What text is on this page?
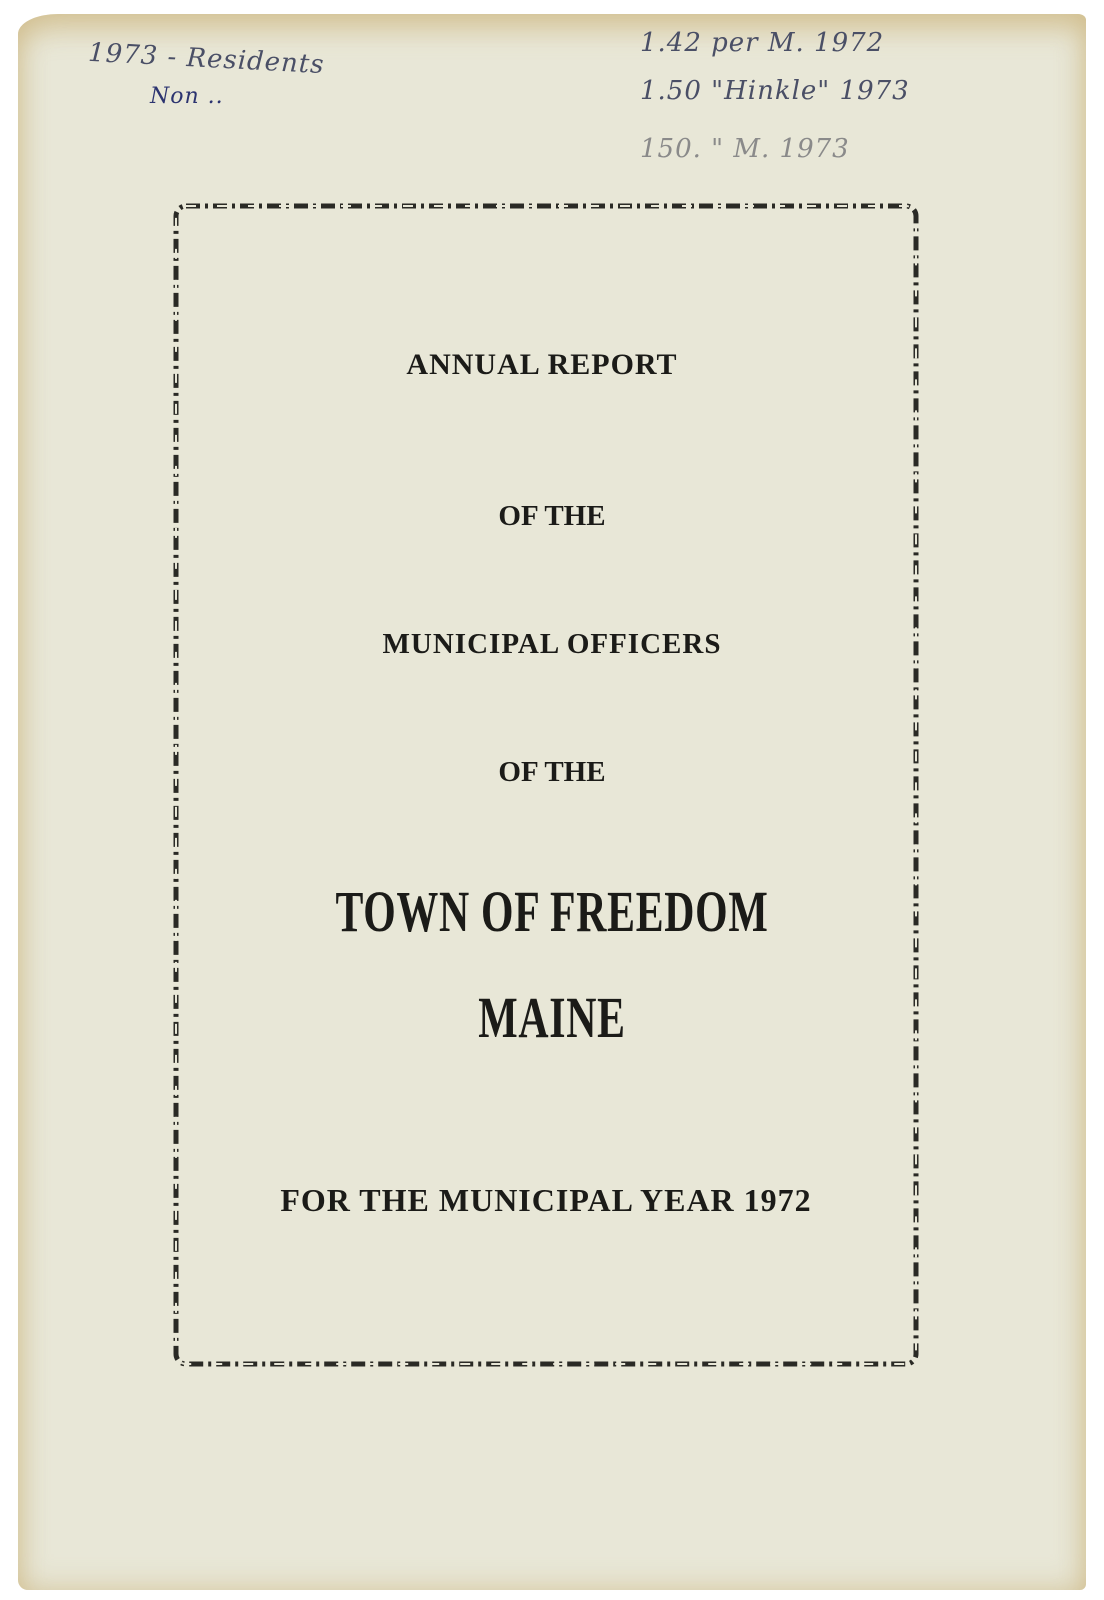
1973 - Residents
Non ..
1.42 per M. 1972
1.50 "Hinkle" 1973
150. " M. 1973
ANNUAL REPORT
OF THE
MUNICIPAL OFFICERS
OF THE
TOWN OF FREEDOM
MAINE
FOR THE MUNICIPAL YEAR 1972
